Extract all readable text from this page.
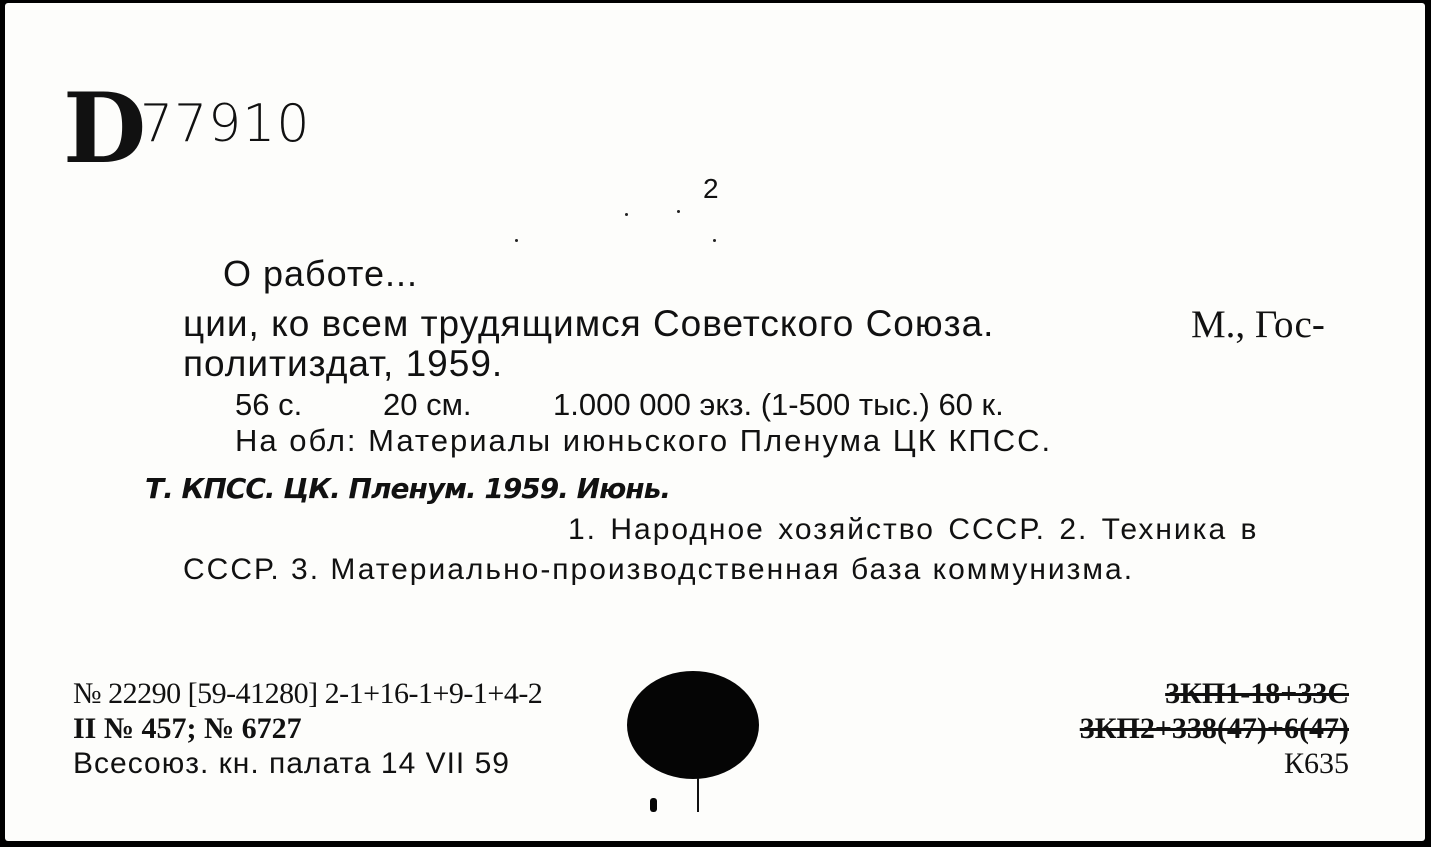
D
77910
2
О работе...
ции, ко всем трудящимся Советского Союза.	М., Гос-
политиздат, 1959.
56 с.	20 см.	1.000 000 экз. (1-500 тыс.) 60 к.
На обл: Материалы июньского Пленума ЦК КПСС.
Т. КПСС. ЦК. Пленум. 1959. Июнь.
1. Народное хозяйство СССР. 2. Техника в
СССР. 3. Материально-производственная база коммунизма.
№ 22290 [59-41280] 2-1+16-1+9-1+4-2
II № 457; № 6727
Всесоюз. кн. палата 14 VII 59
3КП1-18+33С
3КП2+338(47)+6(47)
К635
